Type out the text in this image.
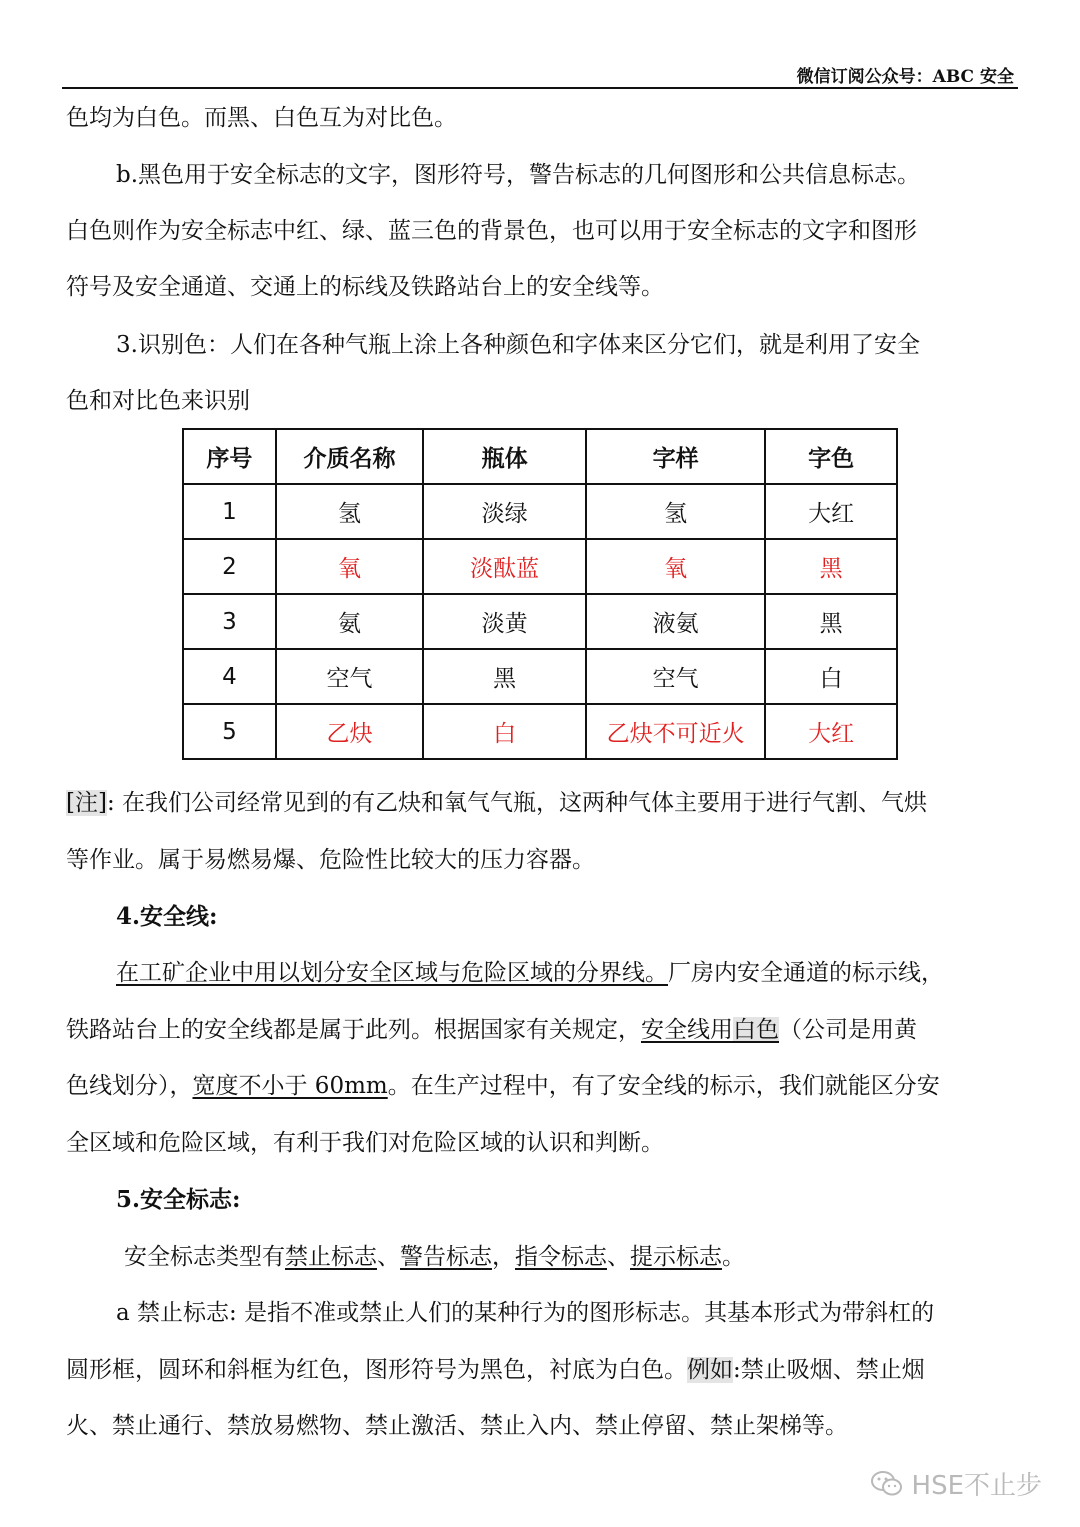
微信订阅公众号：ABC 安全
色均为白色。而黑、白色互为对比色。
b.黑色用于安全标志的文字，图形符号，警告标志的几何图形和公共信息标志。
白色则作为安全标志中红、绿、蓝三色的背景色，也可以用于安全标志的文字和图形
符号及安全通道、交通上的标线及铁路站台上的安全线等。
3.识别色：人们在各种气瓶上涂上各种颜色和字体来区分它们，就是利用了安全
色和对比色来识别
序号	介质名称	瓶体	字样	字色
1	氢	淡绿	氢	大红
2	氧	淡酞蓝	氧	黑
3	氨	淡黄	液氨	黑
4	空气	黑	空气	白
5	乙炔	白	乙炔不可近火	大红
[注]: 在我们公司经常见到的有乙炔和氧气气瓶，这两种气体主要用于进行气割、气烘
等作业。属于易燃易爆、危险性比较大的压力容器。
4.安全线:
在工矿企业中用以划分安全区域与危险区域的分界线。厂房内安全通道的标示线，
铁路站台上的安全线都是属于此列。根据国家有关规定，安全线用白色（公司是用黄
色线划分），宽度不小于 60mm。在生产过程中，有了安全线的标示，我们就能区分安
全区域和危险区域，有利于我们对危险区域的认识和判断。
5.安全标志:
安全标志类型有禁止标志、警告标志，指令标志、提示标志。
a 禁止标志: 是指不准或禁止人们的某种行为的图形标志。其基本形式为带斜杠的
圆形框，圆环和斜框为红色，图形符号为黑色，衬底为白色。例如:禁止吸烟、禁止烟
火、禁止通行、禁放易燃物、禁止激活、禁止入内、禁止停留、禁止架梯等。
HSE不止步
